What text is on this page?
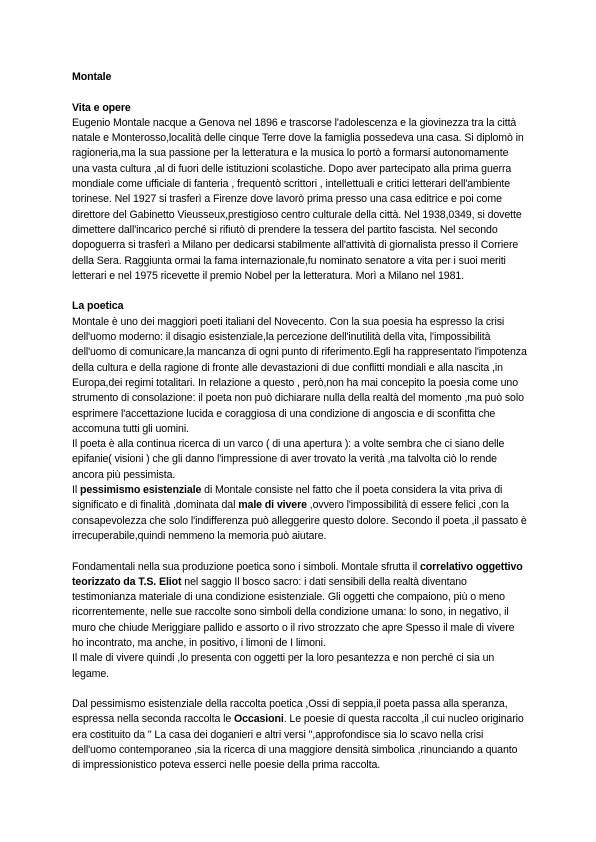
Montale

Vita e opere

Eugenio Montale nacque a Genova nel 1896 e trascorse l'adolescenza e la giovinezza tra la città natale e Monterosso,località delle cinque Terre dove la famiglia possedeva una casa. Si diplomò in ragioneria,ma la sua passione per la letteratura e la musica lo portò a formarsi autonomamente una vasta cultura ,al di fuori delle istituzioni scolastiche. Dopo aver partecipato alla prima guerra mondiale come ufficiale di fanteria , frequentò scrittori , intellettuali e critici letterari dell'ambiente torinese. Nel 1927 si trasferì a Firenze dove lavorò prima presso una casa editrice e poi come direttore del Gabinetto Vieusseux,prestigioso centro culturale della città. Nel 1938,0349, si dovette dimettere dall'incarico perché si rifiutò di prendere la tessera del partito fascista. Nel secondo dopoguerra si trasferì a Milano per dedicarsi stabilmente all'attività di giornalista presso il Corriere della Sera. Raggiunta ormai la fama internazionale,fu nominato senatore a vita per i suoi meriti letterari e nel 1975 ricevette il premio Nobel per la letteratura. Morì a Milano nel 1981.

La poetica

Montale è uno dei maggiori poeti italiani del Novecento. Con la sua poesia ha espresso la crisi dell'uomo moderno: il disagio esistenziale,la percezione dell'inutilità della vita, l'impossibilità dell'uomo di comunicare,la mancanza di ogni punto di riferimento.Egli ha rappresentato l'impotenza della cultura e della ragione di fronte alle devastazioni di due conflitti mondiali e alla nascita ,in Europa,dei regimi totalitari. In relazione a questo , però,non ha mai concepito la poesia come uno strumento di consolazione: il poeta non può dichiarare nulla della realtà del momento ,ma può solo esprimere l'accettazione lucida e coraggiosa di una condizione di angoscia e di sconfitta che accomuna tutti gli uomini.

Il poeta è alla continua ricerca di un varco ( di una apertura ): a volte sembra che ci siano delle epifanie( visioni ) che gli danno l'impressione di aver trovato la verità ,ma talvolta ciò lo rende ancora più pessimista.

Il pessimismo esistenziale di Montale consiste nel fatto che il poeta considera la vita priva di significato e di finalità ,dominata dal male di vivere ,ovvero l'impossibilità di essere felici ,con la consapevolezza che solo l'indifferenza può alleggerire questo dolore. Secondo il poeta ,il passato è irrecuperabile,quindi nemmeno la memoria può aiutare.

Fondamentali nella sua produzione poetica sono i simboli. Montale sfrutta il correlativo oggettivo teorizzato da T.S. Eliot nel saggio Il bosco sacro: i dati sensibili della realtà diventano testimonianza materiale di una condizione esistenziale. Gli oggetti che compaiono, più o meno ricorrentemente, nelle sue raccolte sono simboli della condizione umana: lo sono, in negativo, il muro che chiude Meriggiare pallido e assorto o il rivo strozzato che apre Spesso il male di vivere ho incontrato, ma anche, in positivo, i limoni de I limoni.

Il male di vivere quindi ,lo presenta con oggetti per la loro pesantezza e non perché ci sia un legame.

Dal pessimismo esistenziale della raccolta poetica ,Ossi di seppia,il poeta passa alla speranza, espressa nella seconda raccolta le Occasioni. Le poesie di questa raccolta ,il cui nucleo originario era costituito da " La casa dei doganieri e altri versi ",approfondisce sia lo scavo nella crisi dell'uomo contemporaneo ,sia la ricerca di una maggiore densità simbolica ,rinunciando a quanto di impressionistico poteva esserci nelle poesie della prima raccolta.
